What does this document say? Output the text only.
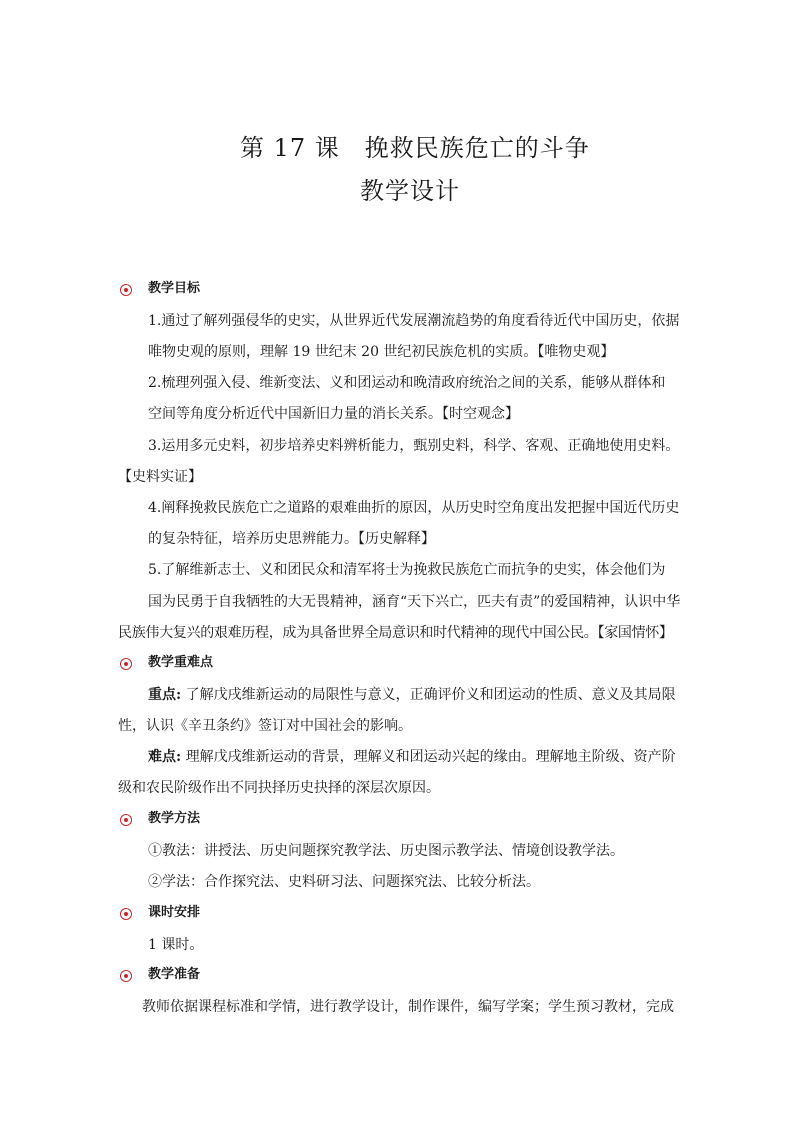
第 17 课　挽救民族危亡的斗争
教学设计
教学目标
1.通过了解列强侵华的史实，从世界近代发展潮流趋势的角度看待近代中国历史，依据
唯物史观的原则，理解 19 世纪末 20 世纪初民族危机的实质。【唯物史观】
2.梳理列强入侵、维新变法、义和团运动和晚清政府统治之间的关系，能够从群体和
空间等角度分析近代中国新旧力量的消长关系。【时空观念】
3.运用多元史料，初步培养史料辨析能力，甄别史料，科学、客观、正确地使用史料。
【史料实证】
4.阐释挽救民族危亡之道路的艰难曲折的原因，从历史时空角度出发把握中国近代历史
的复杂特征，培养历史思辨能力。【历史解释】
5.了解维新志士、义和团民众和清军将士为挽救民族危亡而抗争的史实，体会他们为
国为民勇于自我牺牲的大无畏精神，涵育“天下兴亡，匹夫有责”的爱国精神，认识中华
民族伟大复兴的艰难历程，成为具备世界全局意识和时代精神的现代中国公民。【家国情怀】
教学重难点
重点: 了解戊戌维新运动的局限性与意义，正确评价义和团运动的性质、意义及其局限
性，认识《辛丑条约》签订对中国社会的影响。
难点: 理解戊戌维新运动的背景，理解义和团运动兴起的缘由。理解地主阶级、资产阶
级和农民阶级作出不同抉择历史抉择的深层次原因。
教学方法
①教法：讲授法、历史问题探究教学法、历史图示教学法、情境创设教学法。
②学法：合作探究法、史料研习法、问题探究法、比较分析法。
课时安排
1 课时。
教学准备
教师依据课程标准和学情，进行教学设计，制作课件，编写学案；学生预习教材，完成
